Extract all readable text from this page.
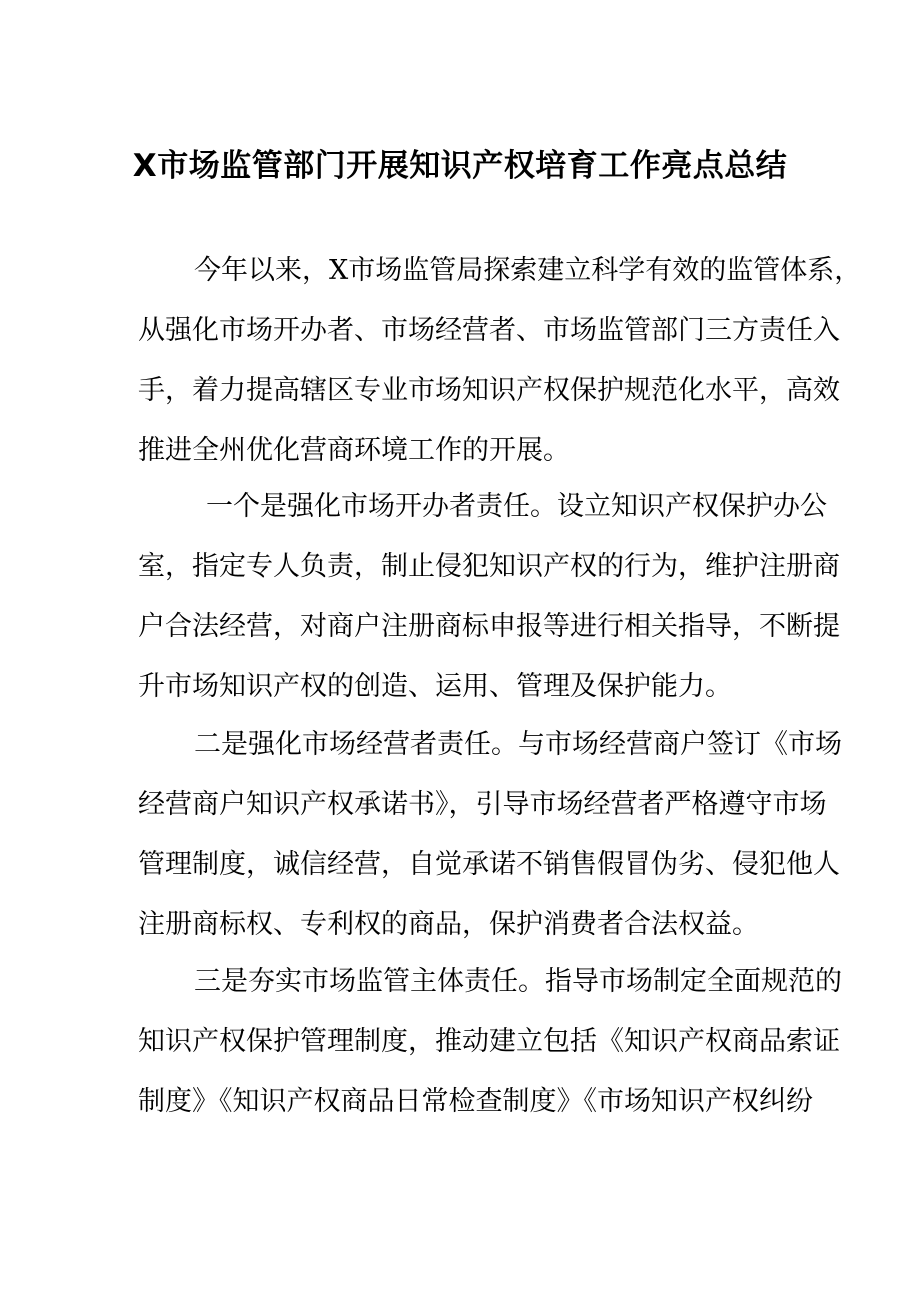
X市场监管部门开展知识产权培育工作亮点总结

今年以来，X市场监管局探索建立科学有效的监管体系，
从强化市场开办者、市场经营者、市场监管部门三方责任入
手，着力提高辖区专业市场知识产权保护规范化水平，高效
推进全州优化营商环境工作的开展。

一个是强化市场开办者责任。设立知识产权保护办公
室，指定专人负责，制止侵犯知识产权的行为，维护注册商
户合法经营，对商户注册商标申报等进行相关指导，不断提
升市场知识产权的创造、运用、管理及保护能力。

二是强化市场经营者责任。与市场经营商户签订《市场
经营商户知识产权承诺书》，引导市场经营者严格遵守市场
管理制度，诚信经营，自觉承诺不销售假冒伪劣、侵犯他人
注册商标权、专利权的商品，保护消费者合法权益。

三是夯实市场监管主体责任。指导市场制定全面规范的
知识产权保护管理制度，推动建立包括《知识产权商品索证
制度》《知识产权商品日常检查制度》《市场知识产权纠纷
